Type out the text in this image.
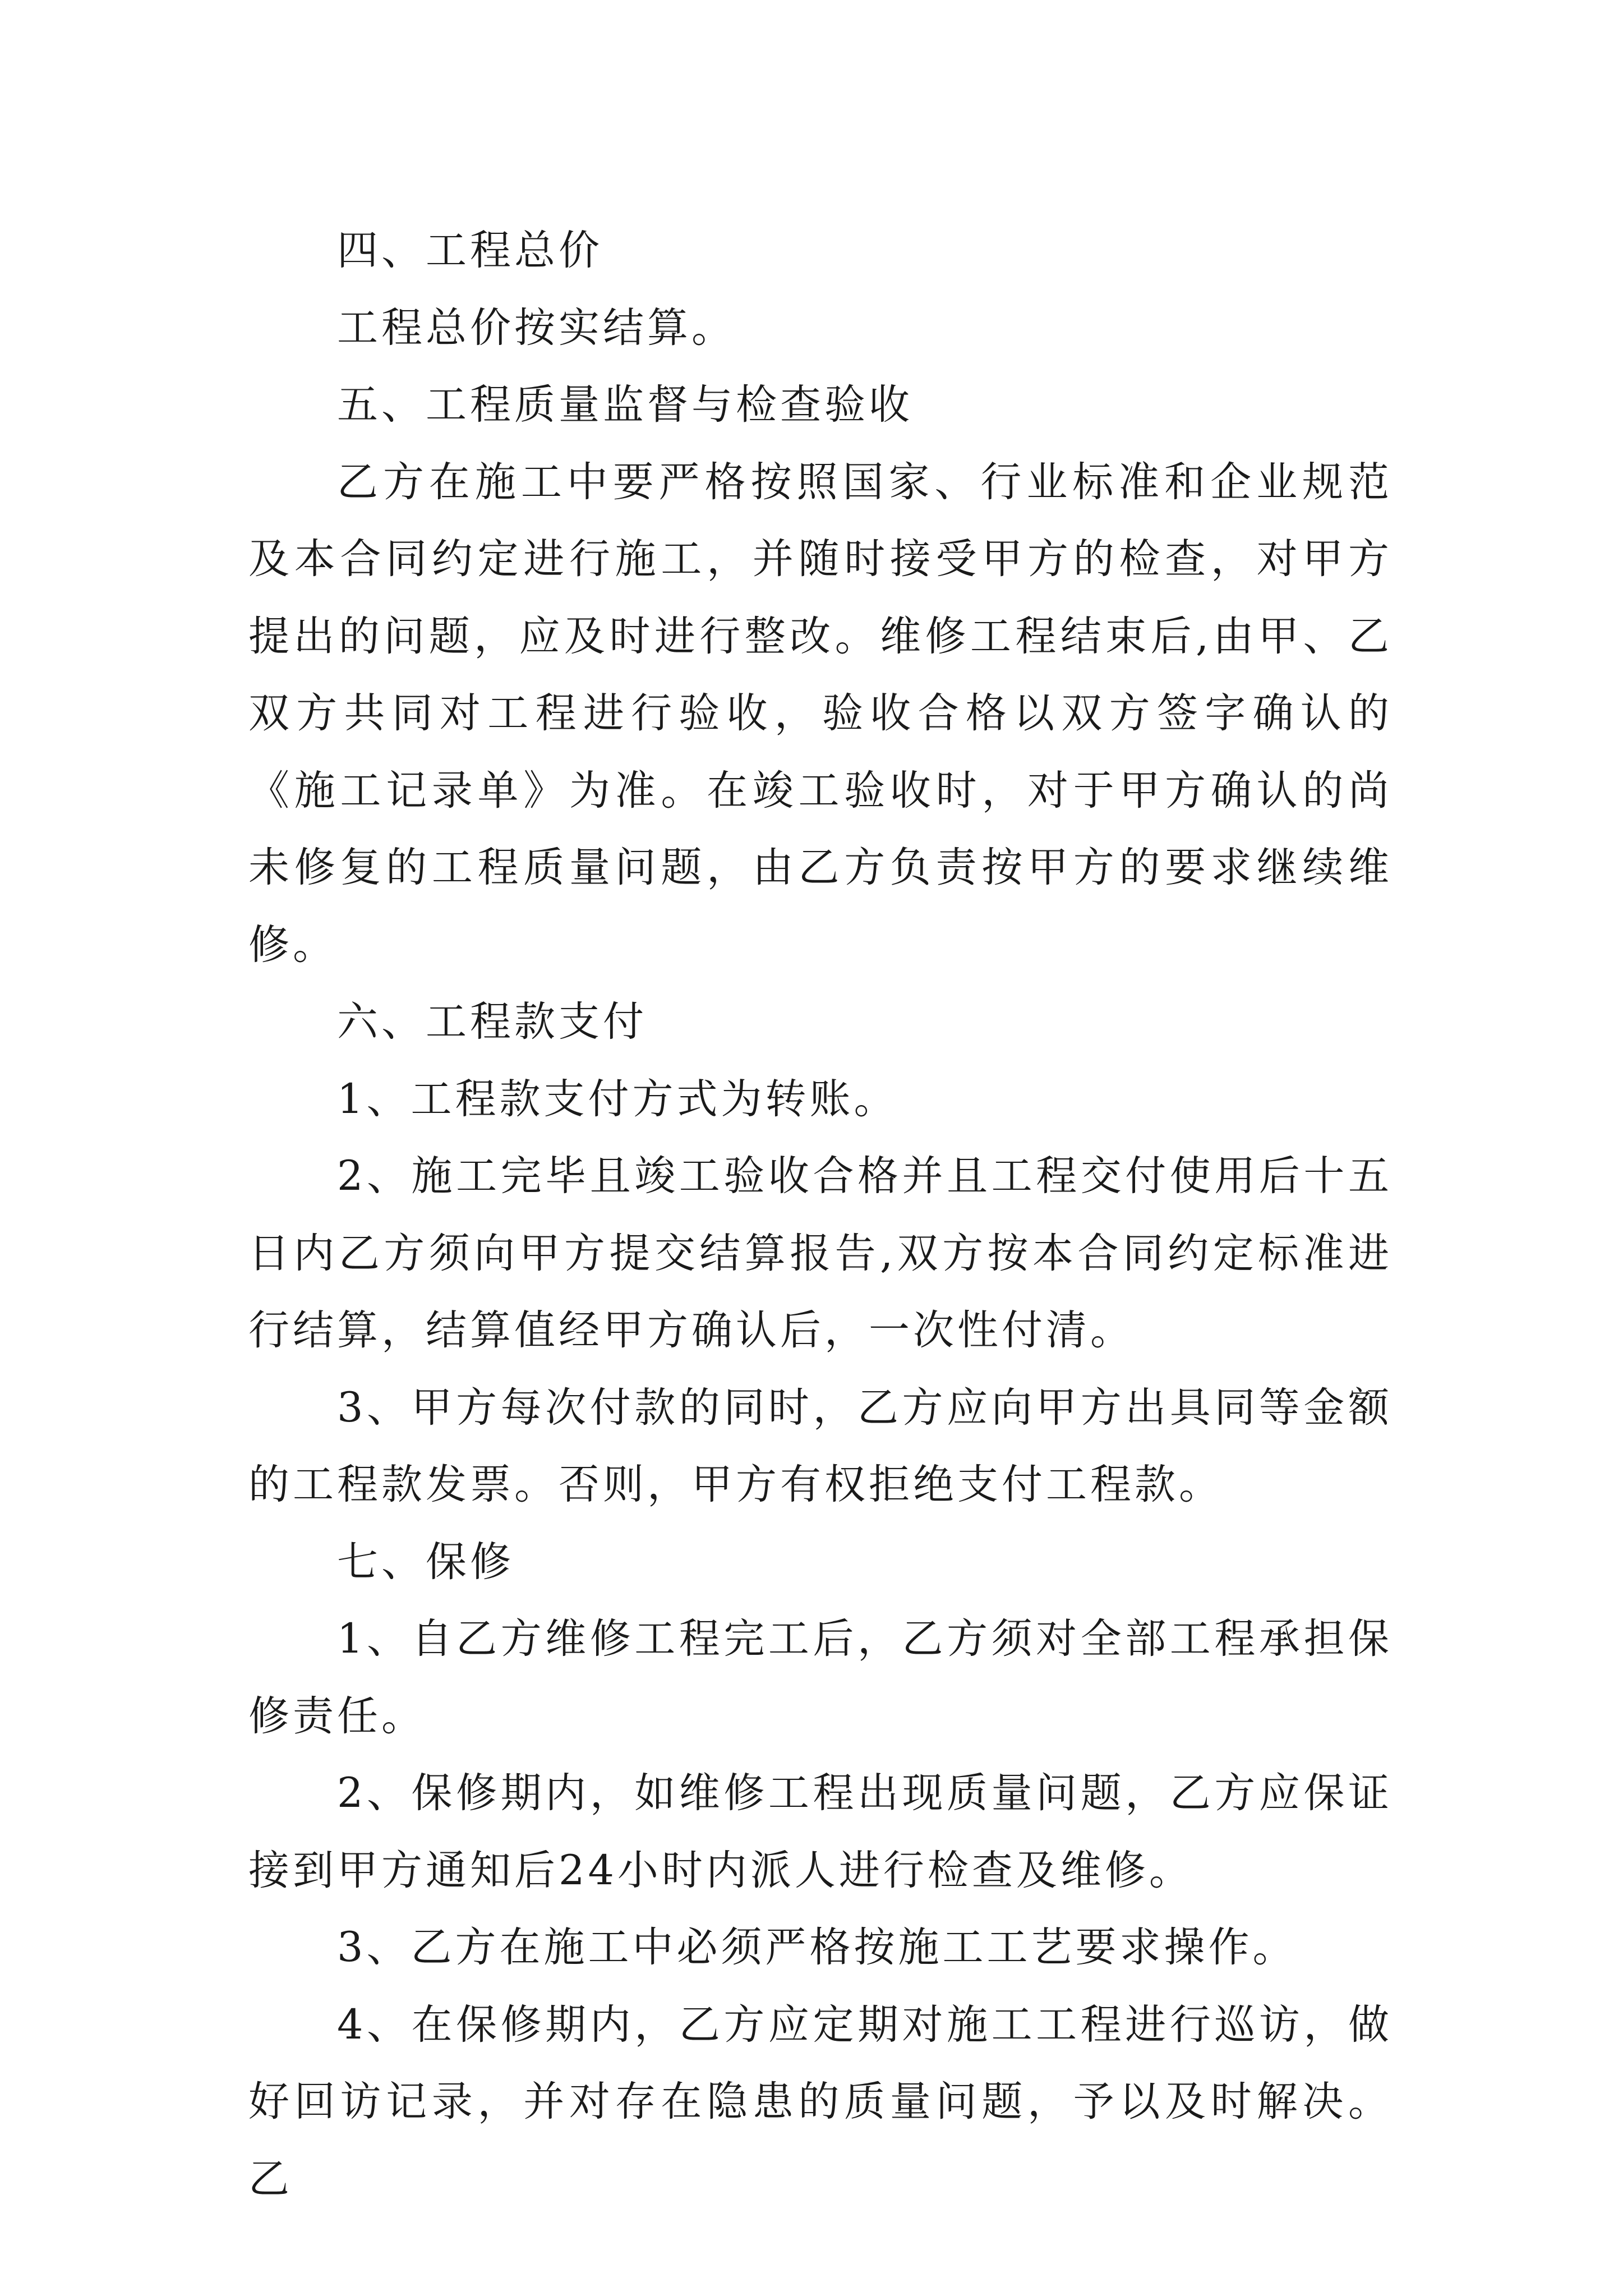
四、工程总价

工程总价按实结算。

五、工程质量监督与检查验收

乙方在施工中要严格按照国家、行业标准和企业规范及本合同约定进行施工，并随时接受甲方的检查，对甲方提出的问题，应及时进行整改。维修工程结束后,由甲、乙双方共同对工程进行验收，验收合格以双方签字确认的《施工记录单》为准。在竣工验收时，对于甲方确认的尚未修复的工程质量问题，由乙方负责按甲方的要求继续维修。

六、工程款支付

1、工程款支付方式为转账。

2、施工完毕且竣工验收合格并且工程交付使用后十五日内乙方须向甲方提交结算报告,双方按本合同约定标准进行结算，结算值经甲方确认后，一次性付清。

3、甲方每次付款的同时，乙方应向甲方出具同等金额的工程款发票。否则，甲方有权拒绝支付工程款。

七、保修

1、自乙方维修工程完工后，乙方须对全部工程承担保修责任。

2、保修期内，如维修工程出现质量问题，乙方应保证接到甲方通知后24小时内派人进行检查及维修。

3、乙方在施工中必须严格按施工工艺要求操作。

4、在保修期内，乙方应定期对施工工程进行巡访，做好回访记录，并对存在隐患的质量问题，予以及时解决。乙
